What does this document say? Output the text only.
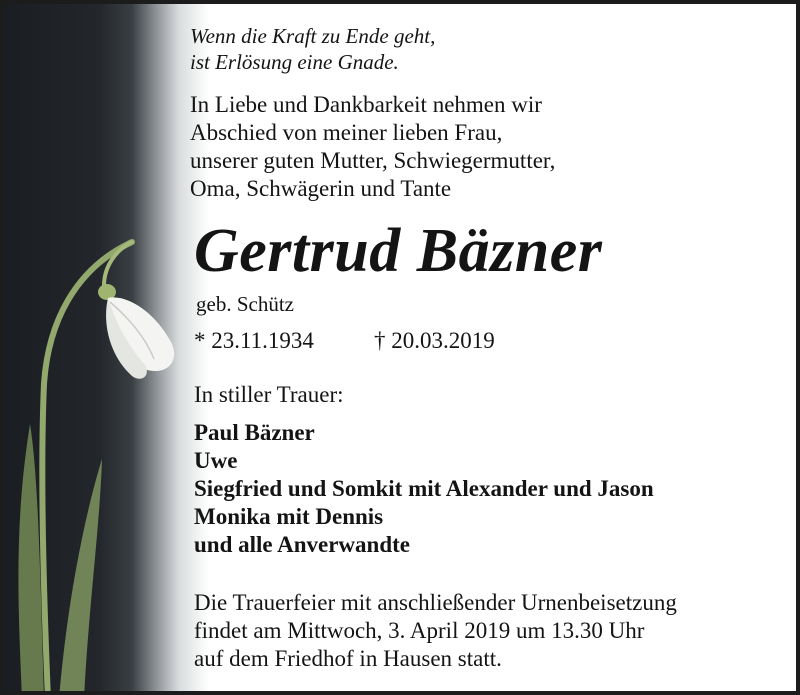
Wenn die Kraft zu Ende geht,
ist Erlösung eine Gnade.
In Liebe und Dankbarkeit nehmen wir
Abschied von meiner lieben Frau,
unserer guten Mutter, Schwiegermutter,
Oma, Schwägerin und Tante
Gertrud Bäzner
geb. Schütz
* 23.11.1934	† 20.03.2019
In stiller Trauer:
Paul Bäzner
Uwe
Siegfried und Somkit mit Alexander und Jason
Monika mit Dennis
und alle Anverwandte
Die Trauerfeier mit anschließender Urnenbeisetzung
findet am Mittwoch, 3. April 2019 um 13.30 Uhr
auf dem Friedhof in Hausen statt.
